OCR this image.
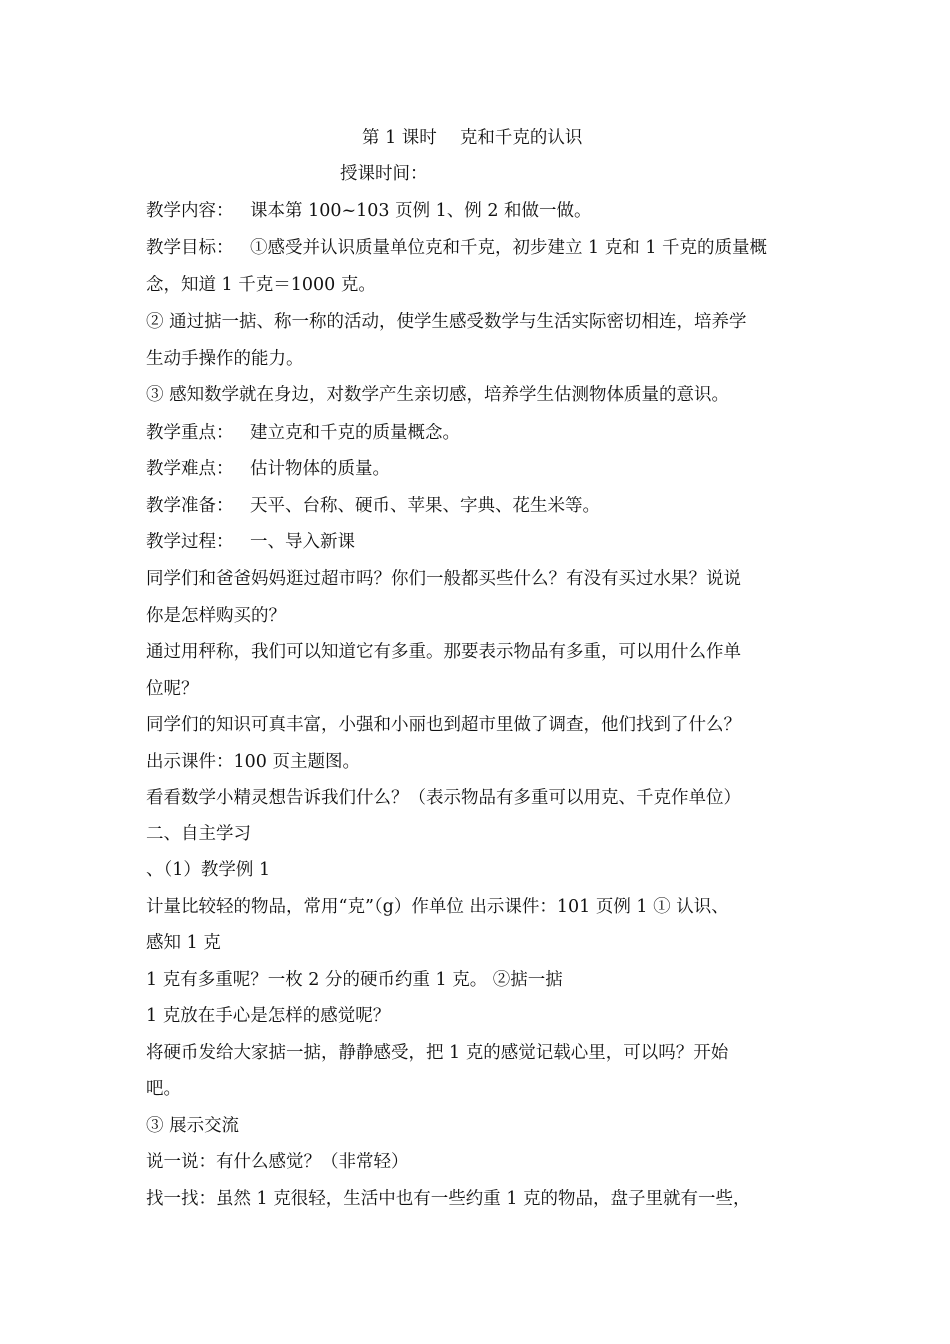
第 1 课时　 克和千克的认识
授课时间：
教学内容： 课本第 100~103 页例 1、例 2 和做一做。
教学目标： ①感受并认识质量单位克和千克，初步建立 1 克和 1 千克的质量概
念，知道 1 千克＝1000 克。
② 通过掂一掂、称一称的活动，使学生感受数学与生活实际密切相连，培养学
生动手操作的能力。
③ 感知数学就在身边，对数学产生亲切感，培养学生估测物体质量的意识。
教学重点： 建立克和千克的质量概念。
教学难点： 估计物体的质量。
教学准备： 天平、台称、硬币、苹果、字典、花生米等。
教学过程： 一、导入新课
同学们和爸爸妈妈逛过超市吗？你们一般都买些什么？有没有买过水果？说说
你是怎样购买的？
通过用秤称，我们可以知道它有多重。那要表示物品有多重，可以用什么作单
位呢？
同学们的知识可真丰富，小强和小丽也到超市里做了调查，他们找到了什么？
出示课件：100 页主题图。
看看数学小精灵想告诉我们什么？（表示物品有多重可以用克、千克作单位）
二、自主学习
、（1）教学例 1
计量比较轻的物品，常用“克”（g）作单位 出示课件：101 页例 1 ① 认识、
感知 1 克
1 克有多重呢？一枚 2 分的硬币约重 1 克。 ②掂一掂
1 克放在手心是怎样的感觉呢？
将硬币发给大家掂一掂，静静感受，把 1 克的感觉记载心里，可以吗？开始
吧。
③ 展示交流
说一说：有什么感觉？（非常轻）
找一找：虽然 1 克很轻，生活中也有一些约重 1 克的物品，盘子里就有一些，
